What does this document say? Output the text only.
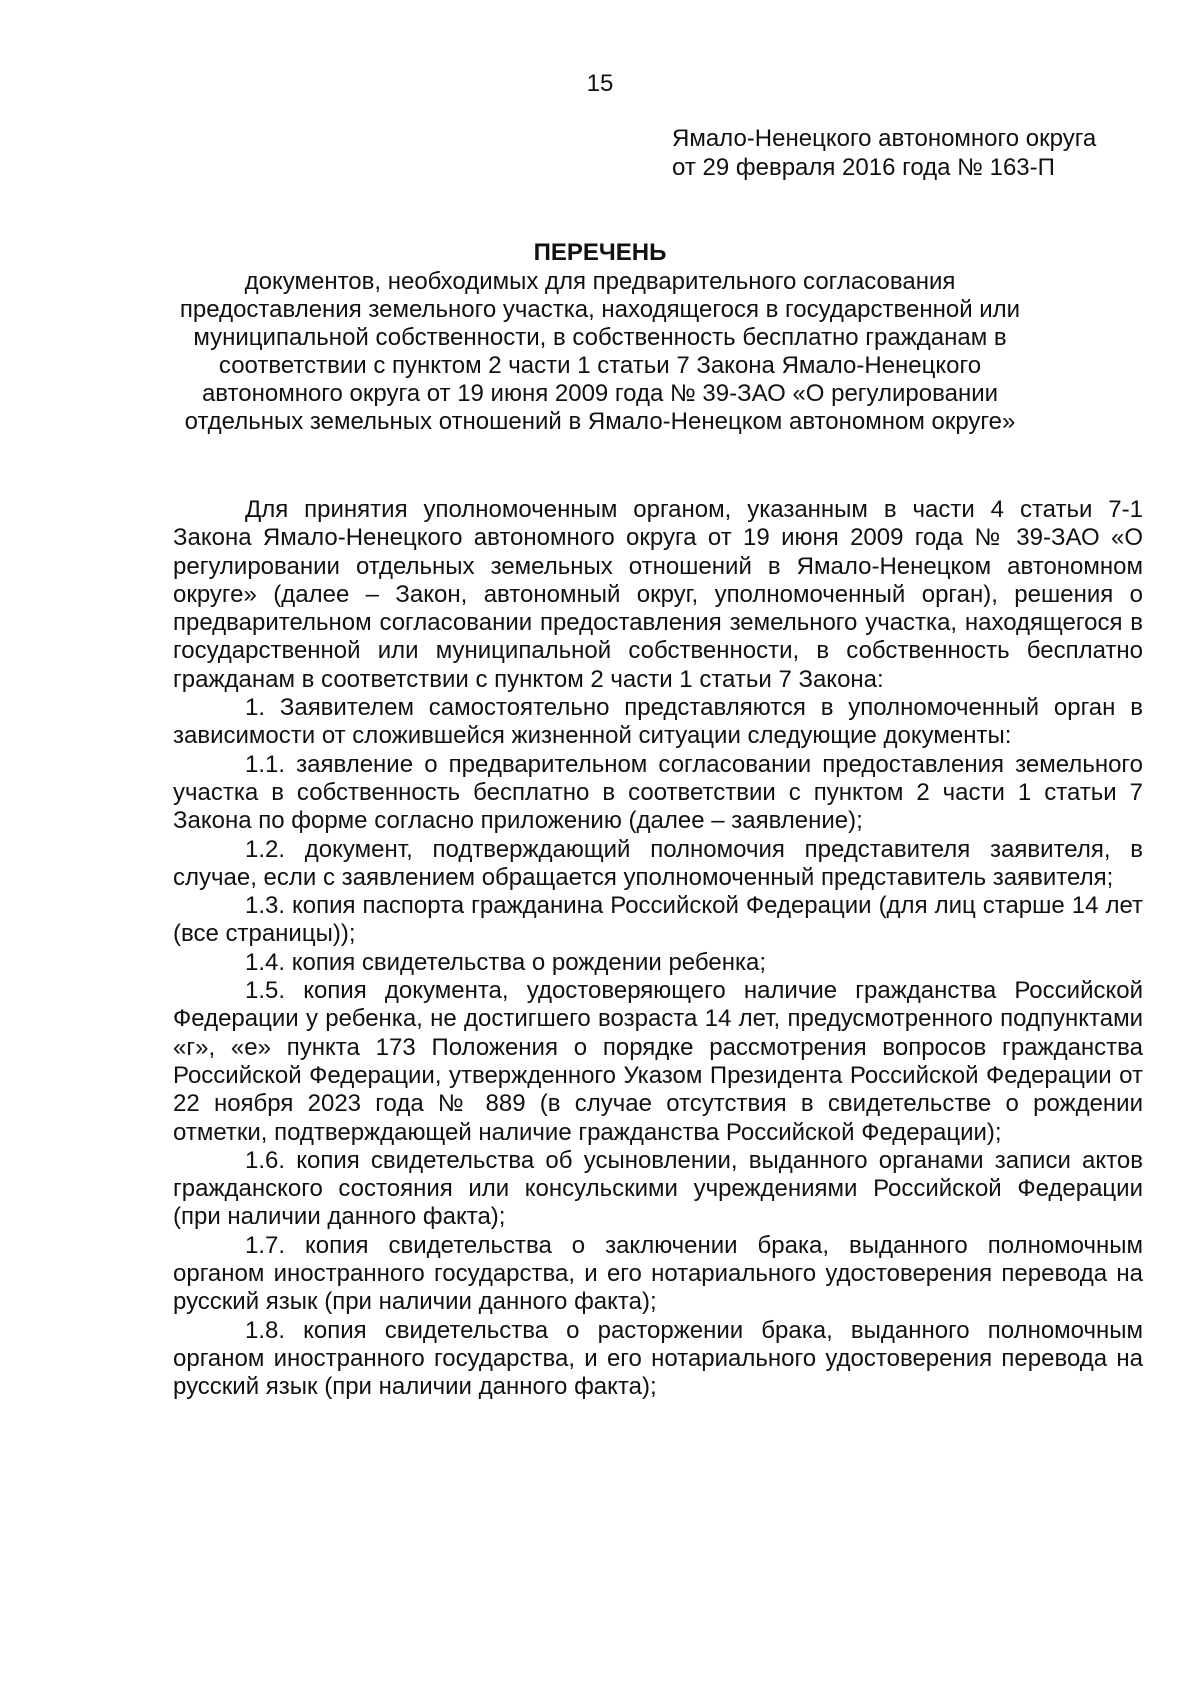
15
Ямало-Ненецкого автономного округа
от 29 февраля 2016 года № 163-П
ПЕРЕЧЕНЬ
документов, необходимых для предварительного согласования
предоставления земельного участка, находящегося в государственной или
муниципальной собственности, в собственность бесплатно гражданам в
соответствии с пунктом 2 части 1 статьи 7 Закона Ямало-Ненецкого
автономного округа от 19 июня 2009 года № 39-ЗАО «О регулировании
отдельных земельных отношений в Ямало-Ненецком автономном округе»

Для принятия уполномоченным органом, указанным в части 4 статьи 7-1 Закона Ямало-Ненецкого автономного округа от 19 июня 2009 года № 39-ЗАО «О регулировании отдельных земельных отношений в Ямало-Ненецком автономном округе» (далее – Закон, автономный округ, уполномоченный орган), решения о предварительном согласовании предоставления земельного участка, находящегося в государственной или муниципальной собственности, в собственность бесплатно гражданам в соответствии с пунктом 2 части 1 статьи 7 Закона:

1. Заявителем самостоятельно представляются в уполномоченный орган в зависимости от сложившейся жизненной ситуации следующие документы:

1.1. заявление о предварительном согласовании предоставления земельного участка в собственность бесплатно в соответствии с пунктом 2 части 1 статьи 7 Закона по форме согласно приложению (далее – заявление);

1.2. документ, подтверждающий полномочия представителя заявителя, в случае, если с заявлением обращается уполномоченный представитель заявителя;

1.3. копия паспорта гражданина Российской Федерации (для лиц старше 14 лет (все страницы));

1.4. копия свидетельства о рождении ребенка;

1.5. копия документа, удостоверяющего наличие гражданства Российской Федерации у ребенка, не достигшего возраста 14 лет, предусмотренного подпунктами «г», «е» пункта 173 Положения о порядке рассмотрения вопросов гражданства Российской Федерации, утвержденного Указом Президента Российской Федерации от 22 ноября 2023 года № 889 (в случае отсутствия в свидетельстве о рождении отметки, подтверждающей наличие гражданства Российской Федерации);

1.6. копия свидетельства об усыновлении, выданного органами записи актов гражданского состояния или консульскими учреждениями Российской Федерации (при наличии данного факта);

1.7. копия свидетельства о заключении брака, выданного полномочным органом иностранного государства, и его нотариального удостоверения перевода на русский язык (при наличии данного факта);

1.8. копия свидетельства о расторжении брака, выданного полномочным органом иностранного государства, и его нотариального удостоверения перевода на русский язык (при наличии данного факта);
